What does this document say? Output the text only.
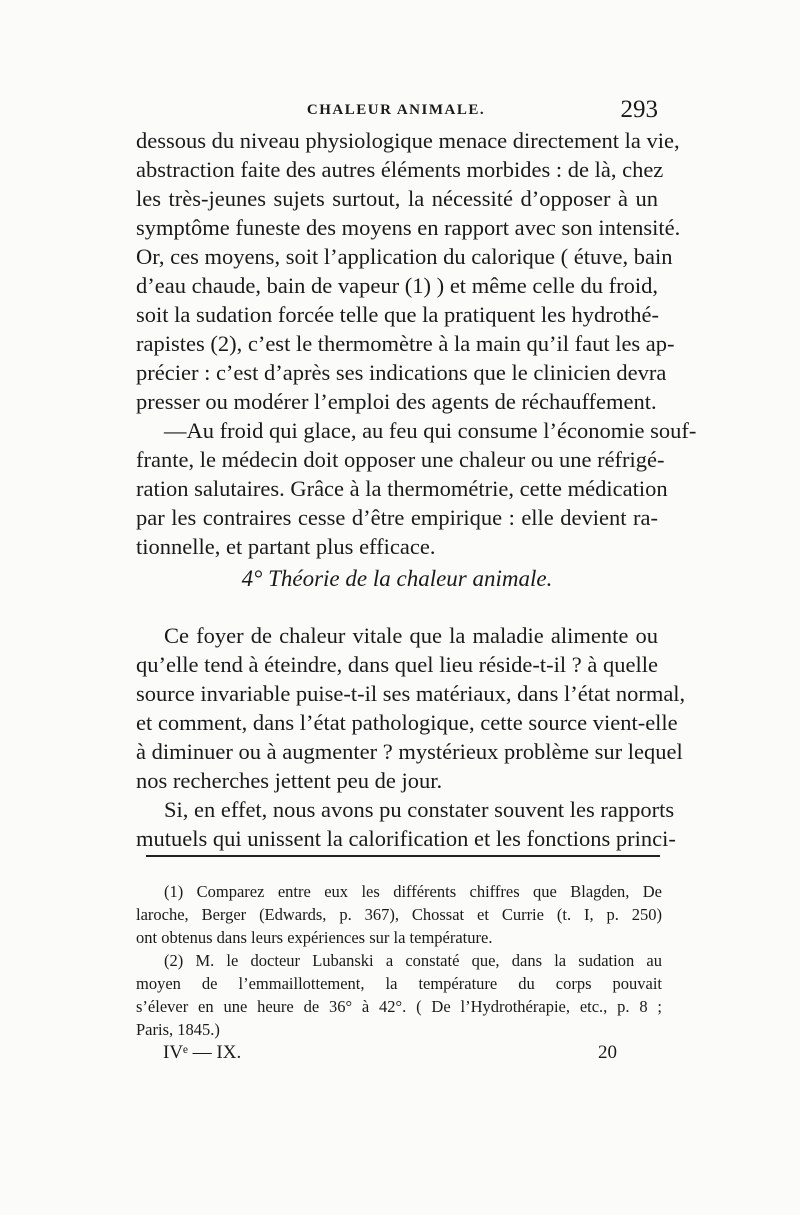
CHALEUR ANIMALE.	293
dessous du niveau physiologique menace directement la vie,
abstraction faite des autres éléments morbides : de là, chez
les très-jeunes sujets surtout, la nécessité d’opposer à un
symptôme funeste des moyens en rapport avec son intensité.
Or, ces moyens, soit l’application du calorique ( étuve, bain
d’eau chaude, bain de vapeur (1) ) et même celle du froid,
soit la sudation forcée telle que la pratiquent les hydrothé-
rapistes (2), c’est le thermomètre à la main qu’il faut les ap-
précier : c’est d’après ses indications que le clinicien devra
presser ou modérer l’emploi des agents de réchauffement.
—Au froid qui glace, au feu qui consume l’économie souf-
frante, le médecin doit opposer une chaleur ou une réfrigé-
ration salutaires. Grâce à la thermométrie, cette médication
par les contraires cesse d’être empirique : elle devient ra-
tionnelle, et partant plus efficace.
4° Théorie de la chaleur animale.
Ce foyer de chaleur vitale que la maladie alimente ou
qu’elle tend à éteindre, dans quel lieu réside-t-il ? à quelle
source invariable puise-t-il ses matériaux, dans l’état normal,
et comment, dans l’état pathologique, cette source vient-elle
à diminuer ou à augmenter ? mystérieux problème sur lequel
nos recherches jettent peu de jour.
Si, en effet, nous avons pu constater souvent les rapports
mutuels qui unissent la calorification et les fonctions princi-
(1) Comparez entre eux les différents chiffres que Blagden, De
laroche, Berger (Edwards, p. 367), Chossat et Currie (t. I, p. 250)
ont obtenus dans leurs expériences sur la température.
(2) M. le docteur Lubanski a constaté que, dans la sudation au
moyen de l’emmaillottement, la température du corps pouvait
s’élever en une heure de 36° à 42°. ( De l’Hydrothérapie, etc., p. 8 ;
Paris, 1845.)
IVᵉ — IX.	20
